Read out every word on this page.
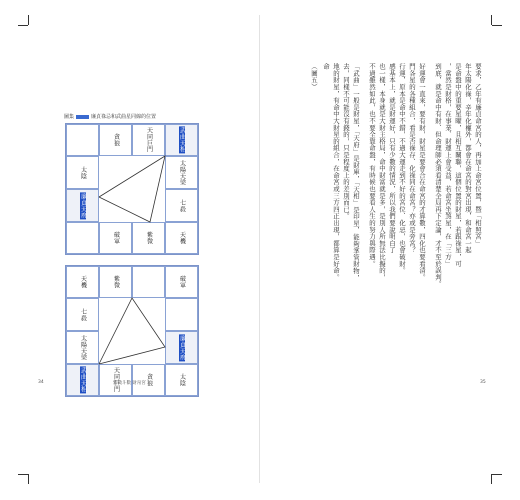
圖集	廉貞祿忌和武曲星同線的位置
貪狼	天同巨門	武曲天相
太陰	太陽天梁
廉貞天府	七殺
破軍	紫微	天機
天機	紫微	破軍
七殺
太陽天梁	廉貞天府
武曲天相	天同巨門	貪狼	太陰
要求，乙年有廉貞命宮的人，再加上命宮位置，暨「相照宮」
年太陽化祿，辛年化權外，都會在命宮的對宮出現，和命宮一起
是命盤中的重要星曜，且相互關聯，這個位置的財星，若跟祿星，可
，當然是財格，在事業、財運上會受益，若命宮坐煞星，在「三方」
到底，就是命中有財、但命理師必須看清楚全局再下定論，才不至於誤判。
好運會一直來，要有財，財星是要會合在命宮的才算數，四化也要看清。
門各星的各種組合，看是否祿存、化祿同在命宮？亦或是旁宮？
行運，原本是命中不錯，不過大運走到不好的宮位、化忌，也會破財。
感基本上，就是財運好，只有少數的情況，所以我們要說明白了
也一樣，本身就是大財主格局，命中財富就是多，是別人所無法比擬的，
不過雖然如此，也不要全靠命盤，有時候也要看人生的努力與際遇。
「武曲」一般是財星，「天府」是財庫，「天相」是印星，能夠掌管財物，
去，同樣不可能沒有錢的，只是程度上的差別而已。
地的財星，有命中大財星的組合，在命宮或三方四正出現，都算是好命。
命
（圖五）
34	紫微斗數 財帛宮	35
